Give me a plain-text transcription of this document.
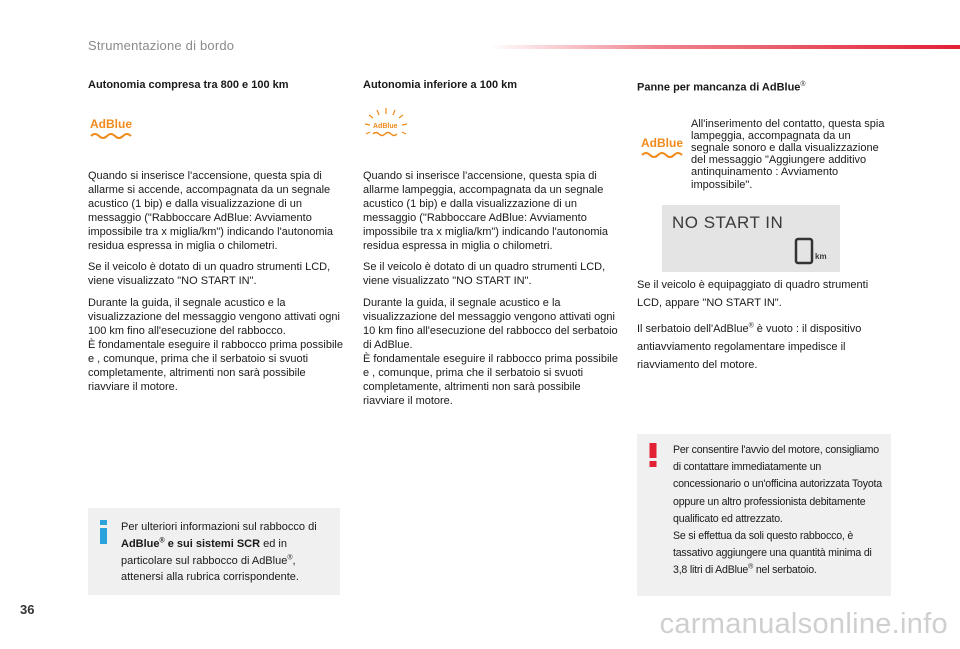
Strumentazione di bordo
Autonomia compresa tra 800 e 100 km
AdBlue

Quando si inserisce l'accensione, questa spia di allarme si accende, accompagnata da un segnale acustico (1 bip) e dalla visualizzazione di un messaggio ("Rabboccare AdBlue: Avviamento impossibile tra x miglia/km") indicando l'autonomia residua espressa in miglia o chilometri.

Se il veicolo è dotato di un quadro strumenti LCD, viene visualizzato "NO START IN".

Durante la guida, il segnale acustico e la visualizzazione del messaggio vengono attivati ogni 100 km fino all'esecuzione del rabbocco.

È fondamentale eseguire il rabbocco prima possibile e , comunque, prima che il serbatoio si svuoti completamente, altrimenti non sarà possibile riavviare il motore.

Autonomia inferiore a 100 km
AdBlue

Quando si inserisce l'accensione, questa spia di allarme lampeggia, accompagnata da un segnale acustico (1 bip) e dalla visualizzazione di un messaggio ("Rabboccare AdBlue: Avviamento impossibile tra x miglia/km") indicando l'autonomia residua espressa in miglia o chilometri.

Se il veicolo è dotato di un quadro strumenti LCD, viene visualizzato "NO START IN".

Durante la guida, il segnale acustico e la visualizzazione del messaggio vengono attivati ogni 10 km fino all'esecuzione del rabbocco del serbatoio di AdBlue.

È fondamentale eseguire il rabbocco prima possibile e , comunque, prima che il serbatoio si svuoti completamente, altrimenti non sarà possibile riavviare il motore.

Panne per mancanza di AdBlue®
AdBlue
All'inserimento del contatto, questa spia lampeggia, accompagnata da un segnale sonoro e dalla visualizzazione del messaggio "Aggiungere additivo antinquinamento : Avviamento impossibile".
NO START IN
0 km

Se il veicolo è equipaggiato di quadro strumenti LCD, appare "NO START IN".

Il serbatoio dell'AdBlue® è vuoto : il dispositivo antiavviamento regolamentare impedisce il riavviamento del motore.

Per ulteriori informazioni sul rabbocco di AdBlue® e sui sistemi SCR ed in particolare sul rabbocco di AdBlue®, attenersi alla rubrica corrispondente.
Per consentire l'avvio del motore, consigliamo di contattare immediatamente un concessionario o un'officina autorizzata Toyota oppure un altro professionista debitamente qualificato ed attrezzato.
Se si effettua da soli questo rabbocco, è tassativo aggiungere una quantità minima di 3,8 litri di AdBlue® nel serbatoio.
36	carmanualsonline.info
